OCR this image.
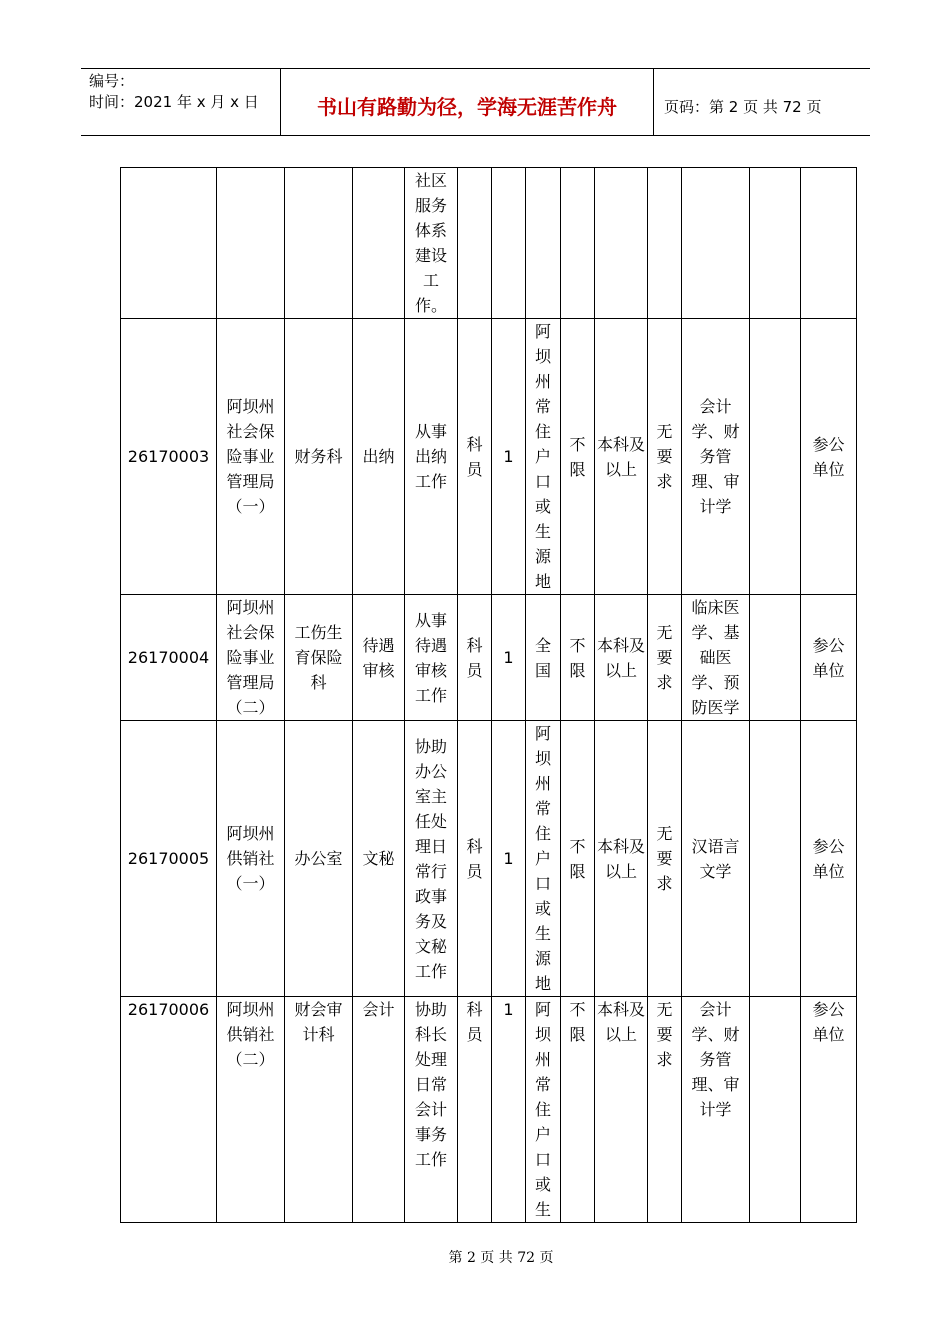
编号：
时间：2021 年 x 月 x 日	书山有路勤为径，学海无涯苦作舟	页码：第 2 页 共 72 页

				社区服务体系建设工作。									

26170003	阿坝州社会保险事业管理局（一）	财务科	出纳	从事出纳工作	科员	1	阿坝州常住户口或生源地	不限	本科及以上	无要求	会计学、财务管理、审计学		参公单位

26170004	阿坝州社会保险事业管理局（二）	工伤生育保险科	待遇审核	从事待遇审核工作	科员	1	全国	不限	本科及以上	无要求	临床医学、基础医学、预防医学		参公单位

26170005	阿坝州供销社（一）	办公室	文秘	协助办公室主任处理日常行政事务及文秘工作	科员	1	阿坝州常住户口或生源地	不限	本科及以上	无要求	汉语言文学		参公单位

26170006	阿坝州供销社（二）	财会审计科	会计	协助科长处理日常会计事务工作	科员	1	阿坝州常住户口或生	不限	本科及以上	无要求	会计学、财务管理、审计学		参公单位
第 2 页 共 72 页
